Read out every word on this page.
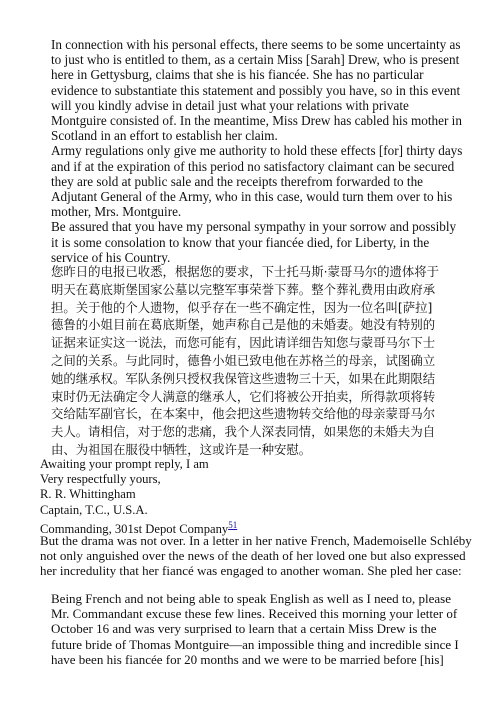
In connection with his personal effects, there seems to be some uncertainty as
to just who is entitled to them, as a certain Miss [Sarah] Drew, who is present
here in Gettysburg, claims that she is his fiancée. She has no particular
evidence to substantiate this statement and possibly you have, so in this event
will you kindly advise in detail just what your relations with private
Montguire consisted of. In the meantime, Miss Drew has cabled his mother in
Scotland in an effort to establish her claim.
Army regulations only give me authority to hold these effects [for] thirty days
and if at the expiration of this period no satisfactory claimant can be secured
they are sold at public sale and the receipts therefrom forwarded to the
Adjutant General of the Army, who in this case, would turn them over to his
mother, Mrs. Montguire.
Be assured that you have my personal sympathy in your sorrow and possibly
it is some consolation to know that your fiancée died, for Liberty, in the
service of his Country.
您昨日的电报已收悉，根据您的要求，下士托马斯·蒙哥马尔的遗体将于
明天在葛底斯堡国家公墓以完整军事荣誉下葬。整个葬礼费用由政府承
担。关于他的个人遗物，似乎存在一些不确定性，因为一位名叫[萨拉]
德鲁的小姐目前在葛底斯堡，她声称自己是他的未婚妻。她没有特别的
证据来证实这一说法，而您可能有，因此请详细告知您与蒙哥马尔下士
之间的关系。与此同时，德鲁小姐已致电他在苏格兰的母亲，试图确立
她的继承权。军队条例只授权我保管这些遗物三十天，如果在此期限结
束时仍无法确定令人满意的继承人，它们将被公开拍卖，所得款项将转
交给陆军副官长，在本案中，他会把这些遗物转交给他的母亲蒙哥马尔
夫人。请相信，对于您的悲痛，我个人深表同情，如果您的未婚夫为自
由、为祖国在服役中牺牲，这或许是一种安慰。
Awaiting your prompt reply, I am
Very respectfully yours,
R. R. Whittingham
Captain, T.C., U.S.A.
Commanding, 301st Depot Company$^{51}$
But the drama was not over. In a letter in her native French, Mademoiselle Schléby
not only anguished over the news of the death of her loved one but also expressed
her incredulity that her fiancé was engaged to another woman. She pled her case:
Being French and not being able to speak English as well as I need to, please
Mr. Commandant excuse these few lines. Received this morning your letter of
October 16 and was very surprised to learn that a certain Miss Drew is the
future bride of Thomas Montguire—an impossible thing and incredible since I
have been his fiancée for 20 months and we were to be married before [his]
